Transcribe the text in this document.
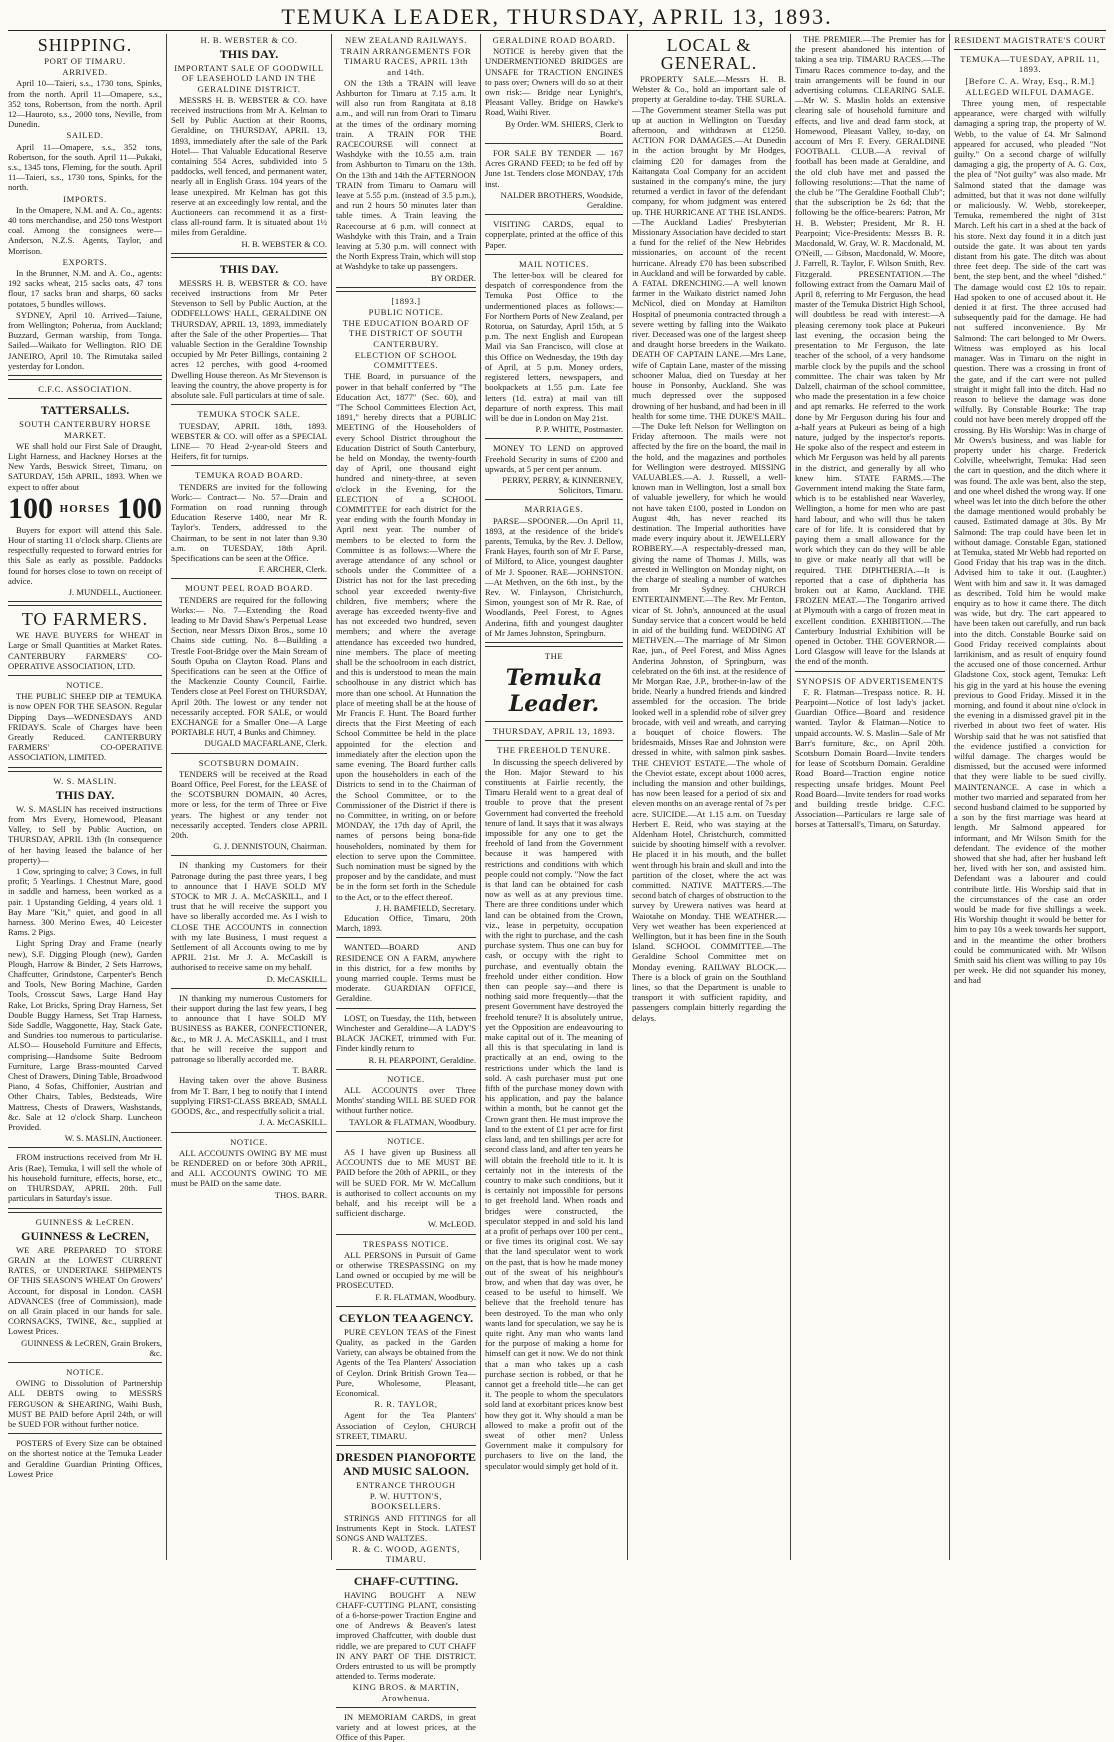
TEMUKA LEADER, THURSDAY, APRIL 13, 1893.
SHIPPING.
PORT OF TIMARU.
ARRIVED.

April 10—Taieri, s.s., 1730 tons, Spinks, from the north. April 11—Omapere, s.s., 352 tons, Robertson, from the north. April 12—Hauroto, s.s., 2000 tons, Neville, from Dunedin.

SAILED.

April 11—Omapere, s.s., 352 tons, Robertson, for the south. April 11—Pukaki, s.s., 1345 tons, Fleming, for the south. April 11—Taieri, s.s., 1730 tons, Spinks, for the north.

IMPORTS.

In the Omapere, N.M. and A. Co., agents: 40 tons merchandise, and 250 tons Westport coal. Among the consignees were—Anderson, N.Z.S. Agents, Taylor, and Morrison.

EXPORTS.

In the Brunner, N.M. and A. Co., agents: 192 sacks wheat, 215 sacks oats, 47 tons flour, 17 sacks bran and sharps, 60 sacks potatoes, 5 bundles willows.

SYDNEY, April 10. Arrived—Taiune, from Wellington; Poherua, from Auckland; Buzzard, German warship, from Tonga. Sailed—Waikato for Wellington. RIO DE JANEIRO, April 10. The Rimutaka sailed yesterday for London.

C.F.C. ASSOCIATION.
TATTERSALLS.
SOUTH CANTERBURY HORSE MARKET.

WE shall hold our First Sale of Draught, Light Harness, and Hackney Horses at the New Yards, Beswick Street, Timaru, on SATURDAY, 15th APRIL, 1893. When we expect to offer about

100 HORSES 100

Buyers for export will attend this Sale. Hour of starting 11 o'clock sharp. Clients are respectfully requested to forward entries for this Sale as early as possible. Paddocks found for horses close to town on receipt of advice.

J. MUNDELL, Auctioneer.
TO FARMERS.

WE HAVE BUYERS for WHEAT in Large or Small Quantities at Market Rates. CANTERBURY FARMERS' CO-OPERATIVE ASSOCIATION, LTD.

NOTICE.

THE PUBLIC SHEEP DIP at TEMUKA is now OPEN FOR THE SEASON. Regular Dipping Days—WEDNESDAYS AND FRIDAYS. Scale of Charges have been Greatly Reduced. CANTERBURY FARMERS' CO-OPERATIVE ASSOCIATION, LIMITED.

W. S. MASLIN.
THIS DAY.

W. S. MASLIN has received instructions from Mrs Every, Homewood, Pleasant Valley, to Sell by Public Auction, on THURSDAY, APRIL 13th (In consequence of her having leased the balance of her property)—

1 Cow, springing to calve; 3 Cows, in full profit; 5 Yearlings. 1 Chestnut Mare, good in saddle and harness, been worked as a pair. 1 Upstanding Gelding, 4 years old. 1 Bay Mare "Kit," quiet, and good in all harness. 300 Merino Ewes, 40 Leicester Rams. 2 Pigs.

Light Spring Dray and Frame (nearly new), S.F. Digging Plough (new), Garden Plough, Harrow & Binder, 2 Sets Harrows, Chaffcutter, Grindstone, Carpenter's Bench and Tools, New Boring Machine, Garden Tools, Crosscut Saws, Large Hand Hay Rake, Lot Bricks, Spring Dray Harness, Set Double Buggy Harness, Set Trap Harness, Side Saddle, Waggonette, Hay, Stack Gate, and Sundries too numerous to particularise. ALSO— Household Furniture and Effects, comprising—Handsome Suite Bedroom Furniture, Large Brass-mounted Carved Chest of Drawers, Dining Table, Broadwood Piano, 4 Sofas, Chiffonier, Austrian and Other Chairs, Tables, Bedsteads, Wire Mattress, Chests of Drawers, Washstands, &c. Sale at 12 o'clock Sharp. Luncheon Provided.

W. S. MASLIN, Auctioneer.

FROM instructions received from Mr H. Aris (Rae), Temuka, I will sell the whole of his household furniture, effects, horse, etc., on THURSDAY, APRIL 20th. Full particulars in Saturday's issue.

GUINNESS & LeCREN.
GUINNESS & LeCREN,

WE ARE PREPARED TO STORE GRAIN at the LOWEST CURRENT RATES, or UNDERTAKE SHIPMENTS OF THIS SEASON'S WHEAT On Growers' Account, for disposal in London. CASH ADVANCES (free of Commission), made on all Grain placed in our hands for sale. CORNSACKS, TWINE, &c., supplied at Lowest Prices.

GUINNESS & LeCREN, Grain Brokers, &c.
NOTICE.

OWING to Dissolution of Partnership ALL DEBTS owing to MESSRS FERGUSON & SHEARING, Waihi Bush, MUST BE PAID before April 24th, or will be SUED FOR without further notice.

POSTERS of Every Size can be obtained on the shortest notice at the Temuka Leader and Geraldine Guardian Printing Offices, Lowest Price

H. B. WEBSTER & CO.
THIS DAY.
IMPORTANT SALE OF GOODWILL OF LEASEHOLD LAND IN THE GERALDINE DISTRICT.

MESSRS H. B. WEBSTER & CO. have received instructions from Mr A. Kelman to Sell by Public Auction at their Rooms, Geraldine, on THURSDAY, APRIL 13, 1893, immediately after the sale of the Park Hotel— That Valuable Educational Reserve containing 554 Acres, subdivided into 5 paddocks, well fenced, and permanent water, nearly all in English Grass. 104 years of the lease unexpired. Mr Kelman has got this reserve at an exceedingly low rental, and the Auctioneers can recommend it as a first-class all-round farm. It is situated about 1½ miles from Geraldine.

H. B. WEBSTER & CO.
THIS DAY.

MESSRS H. B. WEBSTER & CO. have received instructions from Mr Peter Stevenson to Sell by Public Auction, at the ODDFELLOWS' HALL, GERALDINE ON THURSDAY, APRIL 13, 1893, immediately after the Sale of the other Properties— That valuable Section in the Geraldine Township occupied by Mr Peter Billings, containing 2 acres 12 perches, with good 4-roomed Dwelling House thereon. As Mr Stevenson is leaving the country, the above property is for absolute sale. Full particulars at time of sale.

TEMUKA STOCK SALE.

TUESDAY, APRIL 18th, 1893. WEBSTER & CO. will offer as a SPECIAL LINE— 70 Head 2-year-old Steers and Heifers, fit for turnips.

TEMUKA ROAD BOARD.

TENDERS are invited for the following Work:— Contract— No. 57—Drain and Formation on road running through Education Reserve 1400, near Mr R. Taylor's. Tenders, addressed to the Chairman, to be sent in not later than 9.30 a.m. on TUESDAY, 18th April. Specifications can be seen at the Office.

F. ARCHER, Clerk.
MOUNT PEEL ROAD BOARD.

TENDERS are required for the following Works:— No. 7—Extending the Road leading to Mr David Shaw's Perpetual Lease Section, near Messrs Dixon Bros., some 10 Chains side cutting. No. 8—Building a Trestle Foot-Bridge over the Main Stream of South Opuha on Clayton Road. Plans and Specifications can be seen at the Office of the Mackenzie County Council, Fairlie. Tenders close at Peel Forest on THURSDAY, April 20th. The lowest or any tender not necessarily accepted. FOR SALE, or would EXCHANGE for a Smaller One—A Large PORTABLE HUT, 4 Bunks and Chimney.

DUGALD MACFARLANE, Clerk.
SCOTSBURN DOMAIN.

TENDERS will be received at the Road Board Office, Peel Forest, for the LEASE of the SCOTSBURN DOMAIN, 40 Acres, more or less, for the term of Three or Five years. The highest or any tender not necessarily accepted. Tenders close APRIL 20th.

G. J. DENNISTOUN, Chairman.

IN thanking my Customers for their Patronage during the past three years, I beg to announce that I HAVE SOLD MY STOCK to MR J. A. McCASKILL, and I trust that he will receive the support you have so liberally accorded me. As I wish to CLOSE THE ACCOUNTS in connection with my late Business, I must request a Settlement of all Accounts owing to me by APRIL 21st. Mr J. A. McCaskill is authorised to receive same on my behalf.

D. McCASKILL.

IN thanking my numerous Customers for their support during the last few years, I beg to announce that I have SOLD MY BUSINESS as BAKER, CONFECTIONER, &c., to MR J. A. McCASKILL, and I trust that he will receive the support and patronage so liberally accorded me.

T. BARR.

Having taken over the above Business from Mr T. Barr, I beg to notify that I intend supplying FIRST-CLASS BREAD, SMALL GOODS, &c., and respectfully solicit a trial.

J. A. McCASKILL.
NOTICE.

ALL ACCOUNTS OWING BY ME must be RENDERED on or before 30th APRIL, and ALL ACCOUNTS OWING TO ME must be PAID on the same date.

THOS. BARR.
NEW ZEALAND RAILWAYS.
TRAIN ARRANGEMENTS FOR TIMARU RACES, APRIL 13th and 14th.

ON the 13th a TRAIN will leave Ashburton for Timaru at 7.15 a.m. It will also run from Rangitata at 8.18 a.m., and will run from Orari to Timaru at the times of the ordinary morning train. A TRAIN FOR THE RACECOURSE will connect at Washdyke with the 10.55 a.m. train from Ashburton to Timaru on the 13th. On the 13th and 14th the AFTERNOON TRAIN from Timaru to Oamaru will leave at 5.55 p.m. (instead of 3.5 p.m.), and run 2 hours 50 minutes later than table times. A Train leaving the Racecourse at 6 p.m. will connect at Washdyke with this Train, and a Train leaving at 5.30 p.m. will connect with the North Express Train, which will stop at Washdyke to take up passengers.

BY ORDER.
[1893.]
PUBLIC NOTICE.
THE EDUCATION BOARD OF THE DISTRICT OF SOUTH CANTERBURY.
ELECTION OF SCHOOL COMMITTEES.

THE Board, in pursuance of the power in that behalf conferred by "The Education Act, 1877" (Sec. 60), and "The School Committees Election Act, 1891," hereby directs that a PUBLIC MEETING of the Householders of every School District throughout the Education District of South Canterbury, be held on Monday, the twenty-fourth day of April, one thousand eight hundred and ninety-three, at seven o'clock in the Evening, for the ELECTION of a SCHOOL COMMITTEE for each district for the year ending with the fourth Monday in April next year. The number of members to be elected to form the Committee is as follows:—Where the average attendance of any school or schools under the Committee of a District has not for the last preceding school year exceeded twenty-five children, five members; where the average has exceeded twenty-five and has not exceeded two hundred, seven members; and where the average attendance has exceeded two hundred, nine members. The place of meeting shall be the schoolroom in each district, and this is understood to mean the main schoolhouse in any district which has more than one school. At Hunnation the place of meeting shall be at the house of Mr Francis F. Hunt. The Board further directs that the First Meeting of each School Committee be held in the place appointed for the election and immediately after the election upon the same evening. The Board further calls upon the householders in each of the Districts to send in to the Chairman of the School Committee, or to the Commissioner of the District if there is no Committee, in writing, on or before MONDAY, the 17th day of April, the names of persons being bona-fide householders, nominated by them for election to serve upon the Committee. Such nomination must be signed by the proposer and by the candidate, and must be in the form set forth in the Schedule to the Act, or to the effect thereof.

J. H. BAMFIELD, Secretary.

Education Office, Timaru, 20th March, 1893.

WANTED—BOARD AND RESIDENCE ON A FARM, anywhere in this district, for a few months by young married couple. Terms must be moderate. GUARDIAN OFFICE, Geraldine.

LOST, on Tuesday, the 11th, between Winchester and Geraldine—A LADY'S BLACK JACKET, trimmed with Fur. Finder kindly return to

R. H. PEARPOINT, Geraldine.
NOTICE.

ALL ACCOUNTS over Three Months' standing WILL BE SUED FOR without further notice.

TAYLOR & FLATMAN, Woodbury.
NOTICE.

AS I have given up Business all ACCOUNTS due to ME MUST BE PAID before the 20th of APRIL, or they will be SUED FOR. Mr W. McCallum is authorised to collect accounts on my behalf, and his receipt will be a sufficient discharge.

W. McLEOD.
TRESPASS NOTICE.

ALL PERSONS in Pursuit of Game or otherwise TRESPASSING on my Land owned or occupied by me will be PROSECUTED.

F. R. FLATMAN, Woodbury.
CEYLON TEA AGENCY.

PURE CEYLON TEAS of the Finest Quality, as packed in the Garden Variety, can always be obtained from the Agents of the Tea Planters' Association of Ceylon. Drink British Grown Tea—Pure, Wholesome, Pleasant, Economical.

R. R. TAYLOR,

Agent for the Tea Planters' Association of Ceylon, CHURCH STREET, TIMARU.

DRESDEN PIANOFORTE AND MUSIC SALOON.
ENTRANCE THROUGH
P. W. HUTTON'S, BOOKSELLERS.

STRINGS AND FITTINGS for all Instruments Kept in Stock. LATEST SONGS AND WALTZES.

R. & C. WOOD, AGENTS, TIMARU.
CHAFF-CUTTING.

HAVING BOUGHT A NEW CHAFF-CUTTING PLANT, consisting of a 6-horse-power Traction Engine and one of Andrews & Beaven's latest improved Chaffcutter, with double dust riddle, we are prepared to CUT CHAFF IN ANY PART OF THE DISTRICT. Orders entrusted to us will be promptly attended to. Terms moderate.

KING BROS. & MARTIN, Arowhenua.

IN MEMORIAM CARDS, in great variety and at lowest prices, at the Office of this Paper.

GERALDINE ROAD BOARD.

NOTICE is hereby given that the UNDERMENTIONED BRIDGES are UNSAFE for TRACTION ENGINES to pass over; Owners will do so at their own risk:— Bridge near Lynight's, Pleasant Valley. Bridge on Hawke's Road, Waihi River.

By Order. WM. SHIERS, Clerk to Board.

FOR SALE BY TENDER — 167 Acres GRAND FEED; to be fed off by June 1st. Tenders close MONDAY, 17th inst.

NALDER BROTHERS, Woodside, Geraldine.

VISITING CARDS, equal to copperplate, printed at the office of this Paper.

MAIL NOTICES.

The letter-box will be cleared for despatch of correspondence from the Temuka Post Office to the undermentioned places as follows:— For Northern Ports of New Zealand, per Rotorua, on Saturday, April 15th, at 5 p.m. The next English and European Mail via San Francisco, will close at this Office on Wednesday, the 19th day of April, at 5 p.m. Money orders, registered letters, newspapers, and bookpackets at 1.55 p.m. Late fee letters (1d. extra) at mail van till departure of north express. This mail will be due in London on May 21st.

P. P. WHITE, Postmaster.

MONEY TO LEND on approved Freehold Security in sums of £200 and upwards, at 5 per cent per annum.

PERRY, PERRY, & KINNERNEY, Solicitors, Timaru.
MARRIAGES.

PARSE—SPOONER.—On April 11, 1893, at the residence of the bride's parents, Temuka, by the Rev. J. Dellow, Frank Hayes, fourth son of Mr F. Parse, of Milford, to Alice, youngest daughter of Mr J. Spooner. RAE—JOHNSTON.—At Methven, on the 6th inst., by the Rev. W. Finlayson, Christchurch, Simon, youngest son of Mr R. Rae, of Woodlands, Peel Forest, to Agnes Anderina, fifth and youngest daughter of Mr James Johnston, Springburn.

THE
Temuka Leader.
THURSDAY, APRIL 13, 1893.
THE FREEHOLD TENURE.

In discussing the speech delivered by the Hon. Major Steward to his constituents at Fairlie recently, the Timaru Herald went to a great deal of trouble to prove that the present Government had converted the freehold tenure of land. It says that it was always impossible for any one to get the freehold of land from the Government because it was hampered with restrictions and conditions with which people could not comply. "Now the fact is that land can be obtained for cash now as well as at any previous time. There are three conditions under which land can be obtained from the Crown, viz., lease in perpetuity, occupation with the right to purchase, and the cash purchase system. Thus one can buy for cash, or occupy with the right to purchase, and eventually obtain the freehold under either condition. How then can people say—and there is nothing said more frequently—that the present Government have destroyed the freehold tenure? It is absolutely untrue, yet the Opposition are endeavouring to make capital out of it. The meaning of all this is that speculating in land is practically at an end, owing to the restrictions under which the land is sold. A cash purchaser must put one fifth of the purchase money down with his application, and pay the balance within a month, but he cannot get the Crown grant then. He must improve the land to the extent of £1 per acre for first class land, and ten shillings per acre for second class land, and after ten years he will obtain the freehold title to it. It is certainly not in the interests of the country to make such conditions, but it is certainly not impossible for persons to get freehold land. When roads and bridges were constructed, the speculator stepped in and sold his land at a profit of perhaps over 100 per cent., or five times its original cost. We say that the land speculator went to work on the past, that is how he made money out of the sweat of his neighbour's brow, and when that day was over, he ceased to be useful to himself. We believe that the freehold tenure has been destroyed. To the man who only wants land for speculation, we say he is quite right. Any man who wants land for the purpose of making a home for himself can get it now. We do not think that a man who takes up a cash purchase section is robbed, or that he cannot get a freehold title—he can get it. The people to whom the speculators sold land at exorbitant prices know best how they got it. Why should a man be allowed to make a profit out of the sweat of other men? Unless Government make it compulsory for purchasers to live on the land, the speculator would simply get hold of it.

LOCAL & GENERAL.

PROPERTY SALE.—Messrs H. B. Webster & Co., hold an important sale of property at Geraldine to-day. THE SURLA.—The Government steamer Stella was put up at auction in Wellington on Tuesday afternoon, and withdrawn at £1250. ACTION FOR DAMAGES.—At Dunedin in the action brought by Mr Hodges, claiming £20 for damages from the Kaitangata Coal Company for an accident sustained in the company's mine, the jury returned a verdict in favor of the defendant company, for whom judgment was entered up. THE HURRICANE AT THE ISLANDS.—The Auckland Ladies' Presbyterian Missionary Association have decided to start a fund for the relief of the New Hebrides missionaries, on account of the recent hurricane. Already £70 has been subscribed in Auckland and will be forwarded by cable. A FATAL DRENCHING.—A well known farmer in the Waikato district named John McNicol, died on Monday at Hamilton Hospital of pneumonia contracted through a severe wetting by falling into the Waikato river. Deceased was one of the largest sheep and draught horse breeders in the Waikato. DEATH OF CAPTAIN LANE.—Mrs Lane, wife of Captain Lane, master of the missing schooner Malua, died on Tuesday at her house in Ponsonby, Auckland. She was much depressed over the supposed drowning of her husband, and had been in ill health for some time. THE DUKE'S MAIL.—The Duke left Nelson for Wellington on Friday afternoon. The mails were not affected by the fire on the board, the mail in the hold, and the magazines and portholes for Wellington were destroyed. MISSING VALUABLES.—A. J. Russell, a well-known man in Wellington, lost a small box of valuable jewellery, for which he would not have taken £100, posted in London on August 4th, has never reached its destination. The Imperial authorities have made every inquiry about it. JEWELLERY ROBBERY.—A respectably-dressed man, giving the name of Thomas J. Mills, was arrested in Wellington on Monday night, on the charge of stealing a number of watches from Mr Sydney. CHURCH ENTERTAINMENT.—The Rev. Mr Fenton, vicar of St. John's, announced at the usual Sunday service that a concert would be held in aid of the building fund. WEDDING AT METHVEN.—The marriage of Mr Simon Rae, jun., of Peel Forest, and Miss Agnes Anderina Johnston, of Springburn, was celebrated on the 6th inst. at the residence of Mr Morgan Rae, J.P., brother-in-law of the bride. Nearly a hundred friends and kindred assembled for the occasion. The bride looked well in a splendid robe of silver grey brocade, with veil and wreath, and carrying a bouquet of choice flowers. The bridesmaids, Misses Rae and Johnston were dressed in white, with salmon pink sashes. THE CHEVIOT ESTATE.—The whole of the Cheviot estate, except about 1000 acres, including the mansion and other buildings, has now been leased for a period of six and eleven months on an average rental of 7s per acre. SUICIDE.—At 1.15 a.m. on Tuesday Herbert E. Reid, who was staying at the Aldenham Hotel, Christchurch, committed suicide by shooting himself with a revolver. He placed it in his mouth, and the bullet went through his brain and skull and into the partition of the closet, where the act was committed. NATIVE MATTERS.—The second batch of charges of obstruction to the survey by Urewera natives was heard at Waiotahe on Monday. THE WEATHER.—Very wet weather has been experienced at Wellington, but it has been fine in the South Island. SCHOOL COMMITTEE.—The Geraldine School Committee met on Monday evening. RAILWAY BLOCK.—There is a block of grain on the Southland lines, so that the Department is unable to transport it with sufficient rapidity, and passengers complain bitterly regarding the delays.

THE PREMIER.—The Premier has for the present abandoned his intention of taking a sea trip. TIMARU RACES.—The Timaru Races commence to-day, and the train arrangements will be found in our advertising columns. CLEARING SALE.—Mr W. S. Maslin holds an extensive clearing sale of household furniture and effects, and live and dead farm stock, at Homewood, Pleasant Valley, to-day, on account of Mrs F. Every. GERALDINE FOOTBALL CLUB.—A revival of football has been made at Geraldine, and the old club have met and passed the following resolutions:—That the name of the club be "The Geraldine Football Club"; that the subscription be 2s 6d; that the following be the office-bearers: Patron, Mr H. B. Webster; President, Mr R. H. Pearpoint; Vice-Presidents: Messrs B. R. Macdonald, W. Gray, W. R. Macdonald, M. O'Neill, — Gibson, Macdonald, W. Moore, J. Farrell, R. Taylor, F. Wilson Smith, Rev. Fitzgerald. PRESENTATION.—The following extract from the Oamaru Mail of April 8, referring to Mr Ferguson, the head master of the Temuka District High School, will doubtless be read with interest:—A pleasing ceremony took place at Pukeuri last evening, the occasion being the presentation to Mr Ferguson, the late teacher of the school, of a very handsome marble clock by the pupils and the school committee. The chair was taken by Mr Dalzell, chairman of the school committee, who made the presentation in a few choice and apt remarks. He referred to the work done by Mr Ferguson during his four and a-half years at Pukeuri as being of a high nature, judged by the inspector's reports. He spoke also of the respect and esteem in which Mr Ferguson was held by all parents in the district, and generally by all who knew him. STATE FARMS.—The Government intend making the State farm, which is to be established near Waverley, Wellington, a home for men who are past hard labour, and who will thus be taken care of for life. It is considered that by paying them a small allowance for the work which they can do they will be able to give or make nearly all that will be required. THE DIPHTHERIA.—It is reported that a case of diphtheria has broken out at Kamo, Auckland. THE FROZEN MEAT.—The Tongariro arrived at Plymouth with a cargo of frozen meat in excellent condition. EXHIBITION.—The Canterbury Industrial Exhibition will be opened in October. THE GOVERNOR.—Lord Glasgow will leave for the Islands at the end of the month.

SYNOPSIS OF ADVERTISEMENTS

F. R. Flatman—Trespass notice. R. H. Pearpoint—Notice of lost lady's jacket. Guardian Office—Board and residence wanted. Taylor & Flatman—Notice to unpaid accounts. W. S. Maslin—Sale of Mr Barr's furniture, &c., on April 20th. Scotsburn Domain Board—Invite tenders for lease of Scotsburn Domain. Geraldine Road Board—Traction engine notice respecting unsafe bridges. Mount Peel Road Board—Invite tenders for road works and building trestle bridge. C.F.C. Association—Particulars re large sale of horses at Tattersall's, Timaru, on Saturday.

RESIDENT MAGISTRATE'S COURT
TEMUKA—TUESDAY, APRIL 11, 1893.
[Before C. A. Wray, Esq., R.M.]
ALLEGED WILFUL DAMAGE.

Three young men, of respectable appearance, were charged with wilfully damaging a spring trap, the property of W. Webb, to the value of £4. Mr Salmond appeared for accused, who pleaded "Not guilty." On a second charge of wilfully damaging a gig, the property of A. G. Cox, the plea of "Not guilty" was also made. Mr Salmond stated that the damage was admitted, but that it was not done wilfully or maliciously. W. Webb, storekeeper, Temuka, remembered the night of 31st March. Left his cart in a shed at the back of his store. Next day found it in a ditch just outside the gate. It was about ten yards distant from his gate. The ditch was about three feet deep. The side of the cart was bent, the step bent, and the wheel "dished." The damage would cost £2 10s to repair. Had spoken to one of accused about it. He denied it at first. The three accused had subsequently paid for the damage. He had not suffered inconvenience. By Mr Salmond: The cart belonged to Mr Owers. Witness was employed as his local manager. Was in Timaru on the night in question. There was a crossing in front of the gate, and if the cart were not pulled straight it might fall into the ditch. Had no reason to believe the damage was done wilfully. By Constable Bourke: The trap could not have been merely dropped off the crossing. By His Worship: Was in charge of Mr Owers's business, and was liable for property under his charge. Frederick Colville, wheelwright, Temuka: Had seen the cart in question, and the ditch where it was found. The axle was bent, also the step, and one wheel dished the wrong way. If one wheel was let into the ditch before the other the damage mentioned would probably be caused. Estimated damage at 30s. By Mr Salmond: The trap could have been let in without damage. Constable Egan, stationed at Temuka, stated Mr Webb had reported on Good Friday that his trap was in the ditch. Advised him to take it out. (Laughter.) Went with him and saw it. It was damaged as described. Told him he would make enquiry as to how it came there. The ditch was wide, but dry. The cart appeared to have been taken out carefully, and run back into the ditch. Constable Bourke said on Good Friday received complaints about larrikinism, and as result of enquiry found the accused one of those concerned. Arthur Gladstone Cox, stock agent, Temuka: Left his gig in the yard at his house the evening previous to Good Friday. Missed it in the morning, and found it about nine o'clock in the evening in a dismissed gravel pit in the riverbed in about two feet of water. His Worship said that he was not satisfied that the evidence justified a conviction for wilful damage. The charges would be dismissed, but the accused were informed that they were liable to be sued civilly. MAINTENANCE. A case in which a mother two married and separated from her second husband claimed to be supported by a son by the first marriage was heard at length. Mr Salmond appeared for informant, and Mr Wilson Smith for the defendant. The evidence of the mother showed that she had, after her husband left her, lived with her son, and assisted him. Defendant was a labourer and could contribute little. His Worship said that in the circumstances of the case an order would be made for five shillings a week. His Worship thought it would be better for him to pay 10s a week towards her support, and in the meantime the other brothers could be communicated with. Mr Wilson Smith said his client was willing to pay 10s per week. He did not squander his money, and had
